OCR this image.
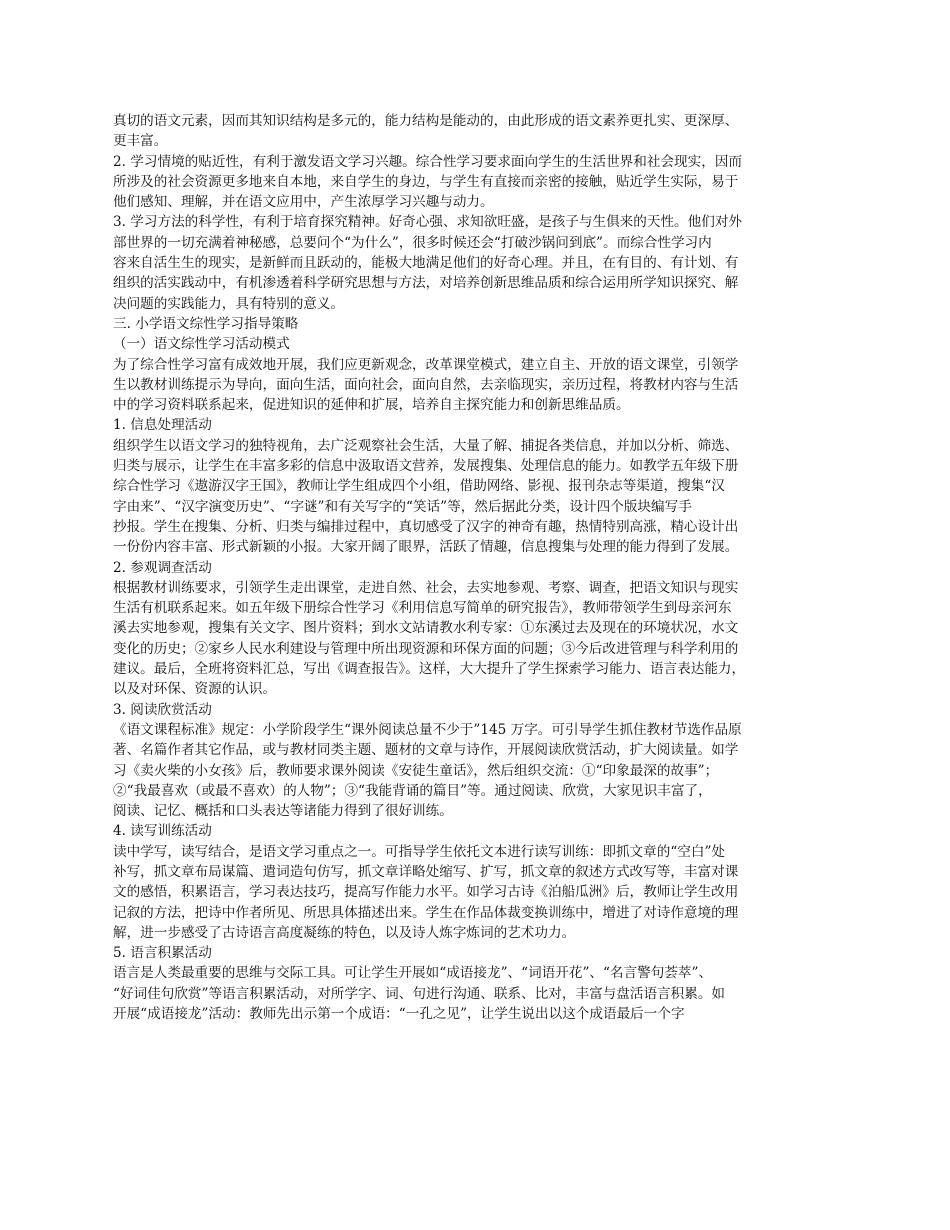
真切的语文元素，因而其知识结构是多元的，能力结构是能动的，由此形成的语文素养更扎实、更深厚、
更丰富。
2. 学习情境的贴近性，有利于激发语文学习兴趣。综合性学习要求面向学生的生活世界和社会现实，因而
所涉及的社会资源更多地来自本地，来自学生的身边，与学生有直接而亲密的接触，贴近学生实际，易于
他们感知、理解，并在语文应用中，产生浓厚学习兴趣与动力。
3. 学习方法的科学性，有利于培育探究精神。好奇心强、求知欲旺盛，是孩子与生俱来的天性。他们对外
部世界的一切充满着神秘感，总要问个“为什么”，很多时候还会“打破沙锅问到底”。而综合性学习内
容来自活生生的现实，是新鲜而且跃动的，能极大地满足他们的好奇心理。并且，在有目的、有计划、有
组织的活实践动中，有机渗透着科学研究思想与方法，对培养创新思维品质和综合运用所学知识探究、解
决问题的实践能力，具有特别的意义。
三. 小学语文综性学习指导策略
（一）语文综性学习活动模式
为了综合性学习富有成效地开展，我们应更新观念，改革课堂模式，建立自主、开放的语文课堂，引领学
生以教材训练提示为导向，面向生活，面向社会，面向自然，去亲临现实，亲历过程，将教材内容与生活
中的学习资料联系起来，促进知识的延伸和扩展，培养自主探究能力和创新思维品质。
1. 信息处理活动
组织学生以语文学习的独特视角，去广泛观察社会生活，大量了解、捕捉各类信息，并加以分析、筛选、
归类与展示，让学生在丰富多彩的信息中汲取语文营养，发展搜集、处理信息的能力。如教学五年级下册
综合性学习《遨游汉字王国》，教师让学生组成四个小组，借助网络、影视、报刊杂志等渠道，搜集“汉
字由来”、“汉字演变历史”、“字谜”和有关写字的“笑话”等，然后据此分类，设计四个版块编写手
抄报。学生在搜集、分析、归类与编排过程中，真切感受了汉字的神奇有趣，热情特别高涨，精心设计出
一份份内容丰富、形式新颖的小报。大家开阔了眼界，活跃了情趣，信息搜集与处理的能力得到了发展。
2. 参观调查活动
根据教材训练要求，引领学生走出课堂，走进自然、社会，去实地参观、考察、调查，把语文知识与现实
生活有机联系起来。如五年级下册综合性学习《利用信息写简单的研究报告》，教师带领学生到母亲河东
溪去实地参观，搜集有关文字、图片资料；到水文站请教水利专家：①东溪过去及现在的环境状况，水文
变化的历史；②家乡人民水利建设与管理中所出现资源和环保方面的问题；③今后改进管理与科学利用的
建议。最后，全班将资料汇总，写出《调查报告》。这样，大大提升了学生探索学习能力、语言表达能力，
以及对环保、资源的认识。
3. 阅读欣赏活动
《语文课程标准》规定：小学阶段学生“课外阅读总量不少于”145 万字。可引导学生抓住教材节选作品原
著、名篇作者其它作品，或与教材同类主题、题材的文章与诗作，开展阅读欣赏活动，扩大阅读量。如学
习《卖火柴的小女孩》后，教师要求课外阅读《安徒生童话》，然后组织交流：①“印象最深的故事”；
②“我最喜欢（或最不喜欢）的人物”；③“我能背诵的篇目”等。通过阅读、欣赏，大家见识丰富了，
阅读、记忆、概括和口头表达等诸能力得到了很好训练。
4. 读写训练活动
读中学写，读写结合，是语文学习重点之一。可指导学生依托文本进行读写训练：即抓文章的“空白”处
补写，抓文章布局谋篇、遣词造句仿写，抓文章详略处缩写、扩写，抓文章的叙述方式改写等，丰富对课
文的感悟，积累语言，学习表达技巧，提高写作能力水平。如学习古诗《泊船瓜洲》后，教师让学生改用
记叙的方法，把诗中作者所见、所思具体描述出来。学生在作品体裁变换训练中，增进了对诗作意境的理
解，进一步感受了古诗语言高度凝练的特色，以及诗人炼字炼词的艺术功力。
5. 语言积累活动
语言是人类最重要的思维与交际工具。可让学生开展如“成语接龙”、“词语开花”、“名言警句荟萃”、
“好词佳句欣赏”等语言积累活动，对所学字、词、句进行沟通、联系、比对，丰富与盘活语言积累。如
开展“成语接龙”活动：教师先出示第一个成语：“一孔之见”，让学生说出以这个成语最后一个字
